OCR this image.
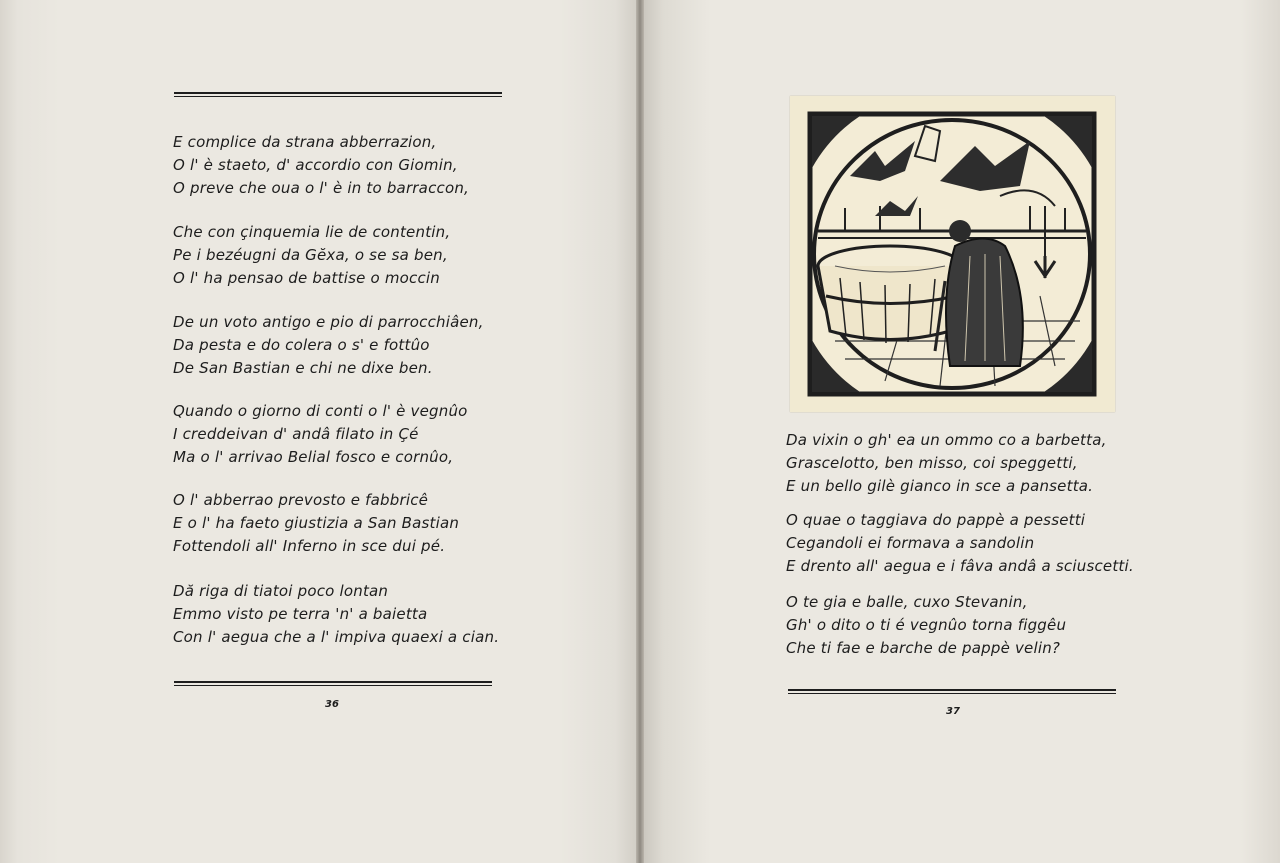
E complice da strana abberrazion,
O l' è staeto, d' accordio con Giomin,
O preve che oua o l' è in to barraccon,
Che con çinquemia lie de contentin,
Pe i bezéugni da Gĕxa, o se sa ben,
O l' ha pensao de battise o moccin
De un voto antigo e pio di parrocchiâen,
Da pesta e do colera o s' e fottûo
De San Bastian e chi ne dixe ben.
Quando o giorno di conti o l' è vegnûo
I creddeivan d' andâ filato in Çé
Ma o l' arrivao Belial fosco e cornûo,
O l' abberrao prevosto e fabbricê
E o l' ha faeto giustizia a San Bastian
Fottendoli all' Inferno in sce dui pé.
Dă riga di tiatoi poco lontan
Emmo visto pe terra 'n' a baietta
Con l' aegua che a l' impiva quaexi a cian.
36
Da vixin o gh' ea un ommo co a barbetta,
Grascelotto, ben misso, coi speggetti,
E un bello gilè gianco in sce a pansetta.
O quae o taggiava do pappè a pessetti
Cegandoli ei formava a sandolin
E drento all' aegua e i fâva andâ a sciuscetti.
O te gia e balle, cuxo Stevanin,
Gh' o dito o ti é vegnûo torna figgêu
Che ti fae e barche de pappè velin?
37
